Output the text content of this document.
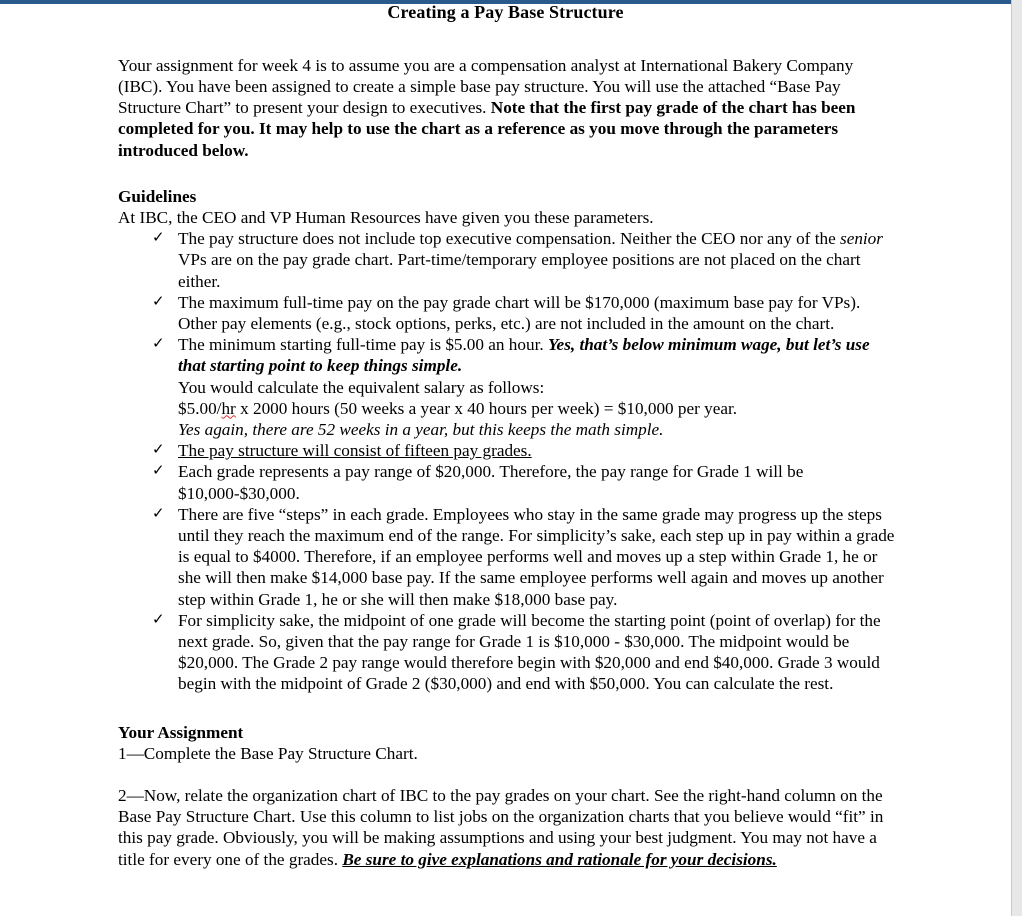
Creating a Pay Base Structure

Your assignment for week 4 is to assume you are a compensation analyst at International Bakery Company (IBC). You have been assigned to create a simple base pay structure. You will use the attached “Base Pay Structure Chart” to present your design to executives. Note that the first pay grade of the chart has been completed for you. It may help to use the chart as a reference as you move through the parameters introduced below.

Guidelines

At IBC, the CEO and VP Human Resources have given you these parameters.

✓ The pay structure does not include top executive compensation. Neither the CEO nor any of the senior VPs are on the pay grade chart. Part-time/temporary employee positions are not placed on the chart either.
✓ The maximum full-time pay on the pay grade chart will be $170,000 (maximum base pay for VPs). Other pay elements (e.g., stock options, perks, etc.) are not included in the amount on the chart.
✓ The minimum starting full-time pay is $5.00 an hour. Yes, that’s below minimum wage, but let’s use that starting point to keep things simple.

You would calculate the equivalent salary as follows:

$5.00/hr x 2000 hours (50 weeks a year x 40 hours per week) = $10,000 per year.

Yes again, there are 52 weeks in a year, but this keeps the math simple.

✓ The pay structure will consist of fifteen pay grades.
✓ Each grade represents a pay range of $20,000. Therefore, the pay range for Grade 1 will be $10,000-$30,000.
✓ There are five “steps” in each grade. Employees who stay in the same grade may progress up the steps until they reach the maximum end of the range. For simplicity’s sake, each step up in pay within a grade is equal to $4000. Therefore, if an employee performs well and moves up a step within Grade 1, he or she will then make $14,000 base pay. If the same employee performs well again and moves up another step within Grade 1, he or she will then make $18,000 base pay.
✓ For simplicity sake, the midpoint of one grade will become the starting point (point of overlap) for the next grade. So, given that the pay range for Grade 1 is $10,000 - $30,000. The midpoint would be $20,000. The Grade 2 pay range would therefore begin with $20,000 and end $40,000. Grade 3 would begin with the midpoint of Grade 2 ($30,000) and end with $50,000. You can calculate the rest.

Your Assignment

1—Complete the Base Pay Structure Chart.

2—Now, relate the organization chart of IBC to the pay grades on your chart. See the right-hand column on the Base Pay Structure Chart. Use this column to list jobs on the organization charts that you believe would “fit” in this pay grade. Obviously, you will be making assumptions and using your best judgment. You may not have a title for every one of the grades. Be sure to give explanations and rationale for your decisions.
